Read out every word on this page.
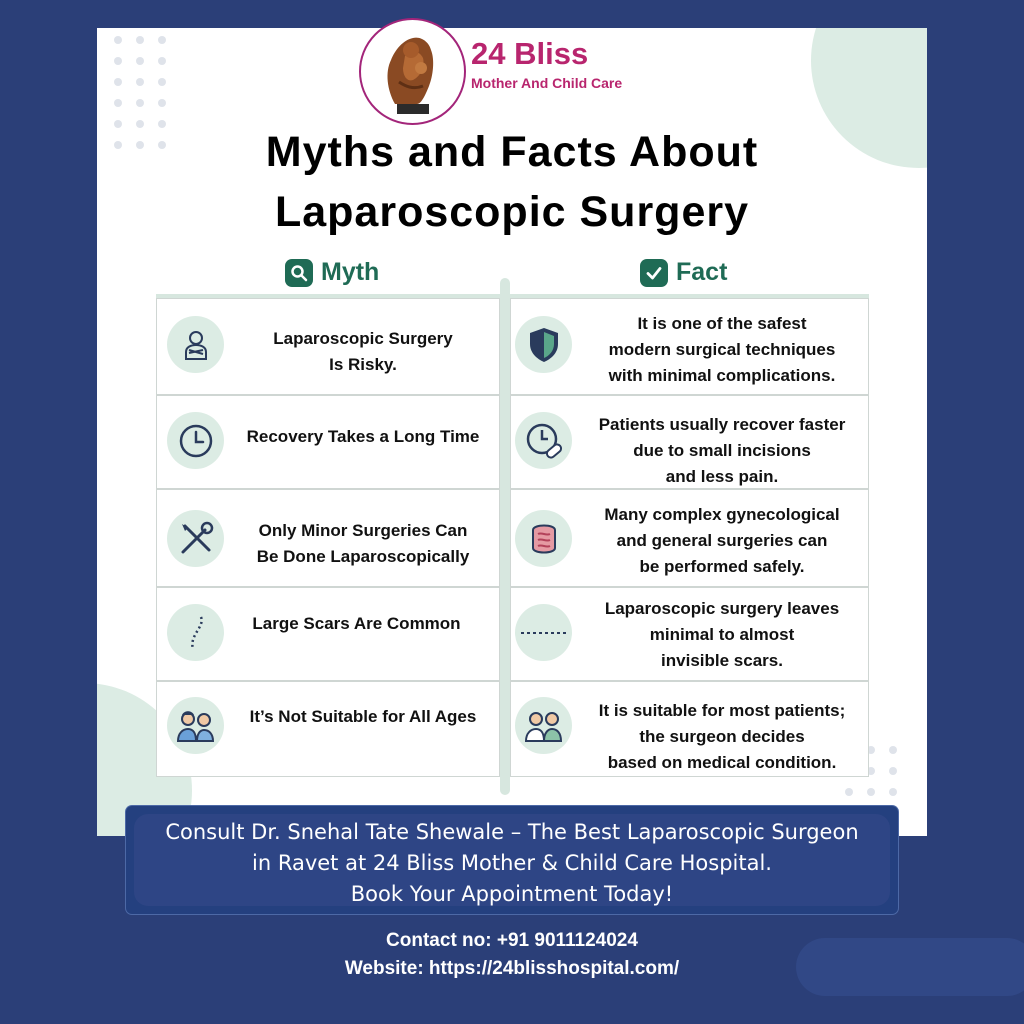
24 Bliss
Mother And Child Care
Myths and Facts About
Laparoscopic Surgery
Myth	Fact
Laparoscopic Surgery
Is Risky.
It is one of the safest
modern surgical techniques
with minimal complications.
Recovery Takes a Long Time
Patients usually recover faster
due to small incisions
and less pain.
Only Minor Surgeries Can
Be Done Laparoscopically
Many complex gynecological
and general surgeries can
be performed safely.
Large Scars Are Common
Laparoscopic surgery leaves
minimal to almost
invisible scars.
It’s Not Suitable for All Ages	It is suitable for most patients;
the surgeon decides
based on medical condition.
Consult Dr. Snehal Tate Shewale – The Best Laparoscopic Surgeon
in Ravet at 24 Bliss Mother & Child Care Hospital.
Book Your Appointment Today!
Contact no: +91 9011124024
Website: https://24blisshospital.com/
